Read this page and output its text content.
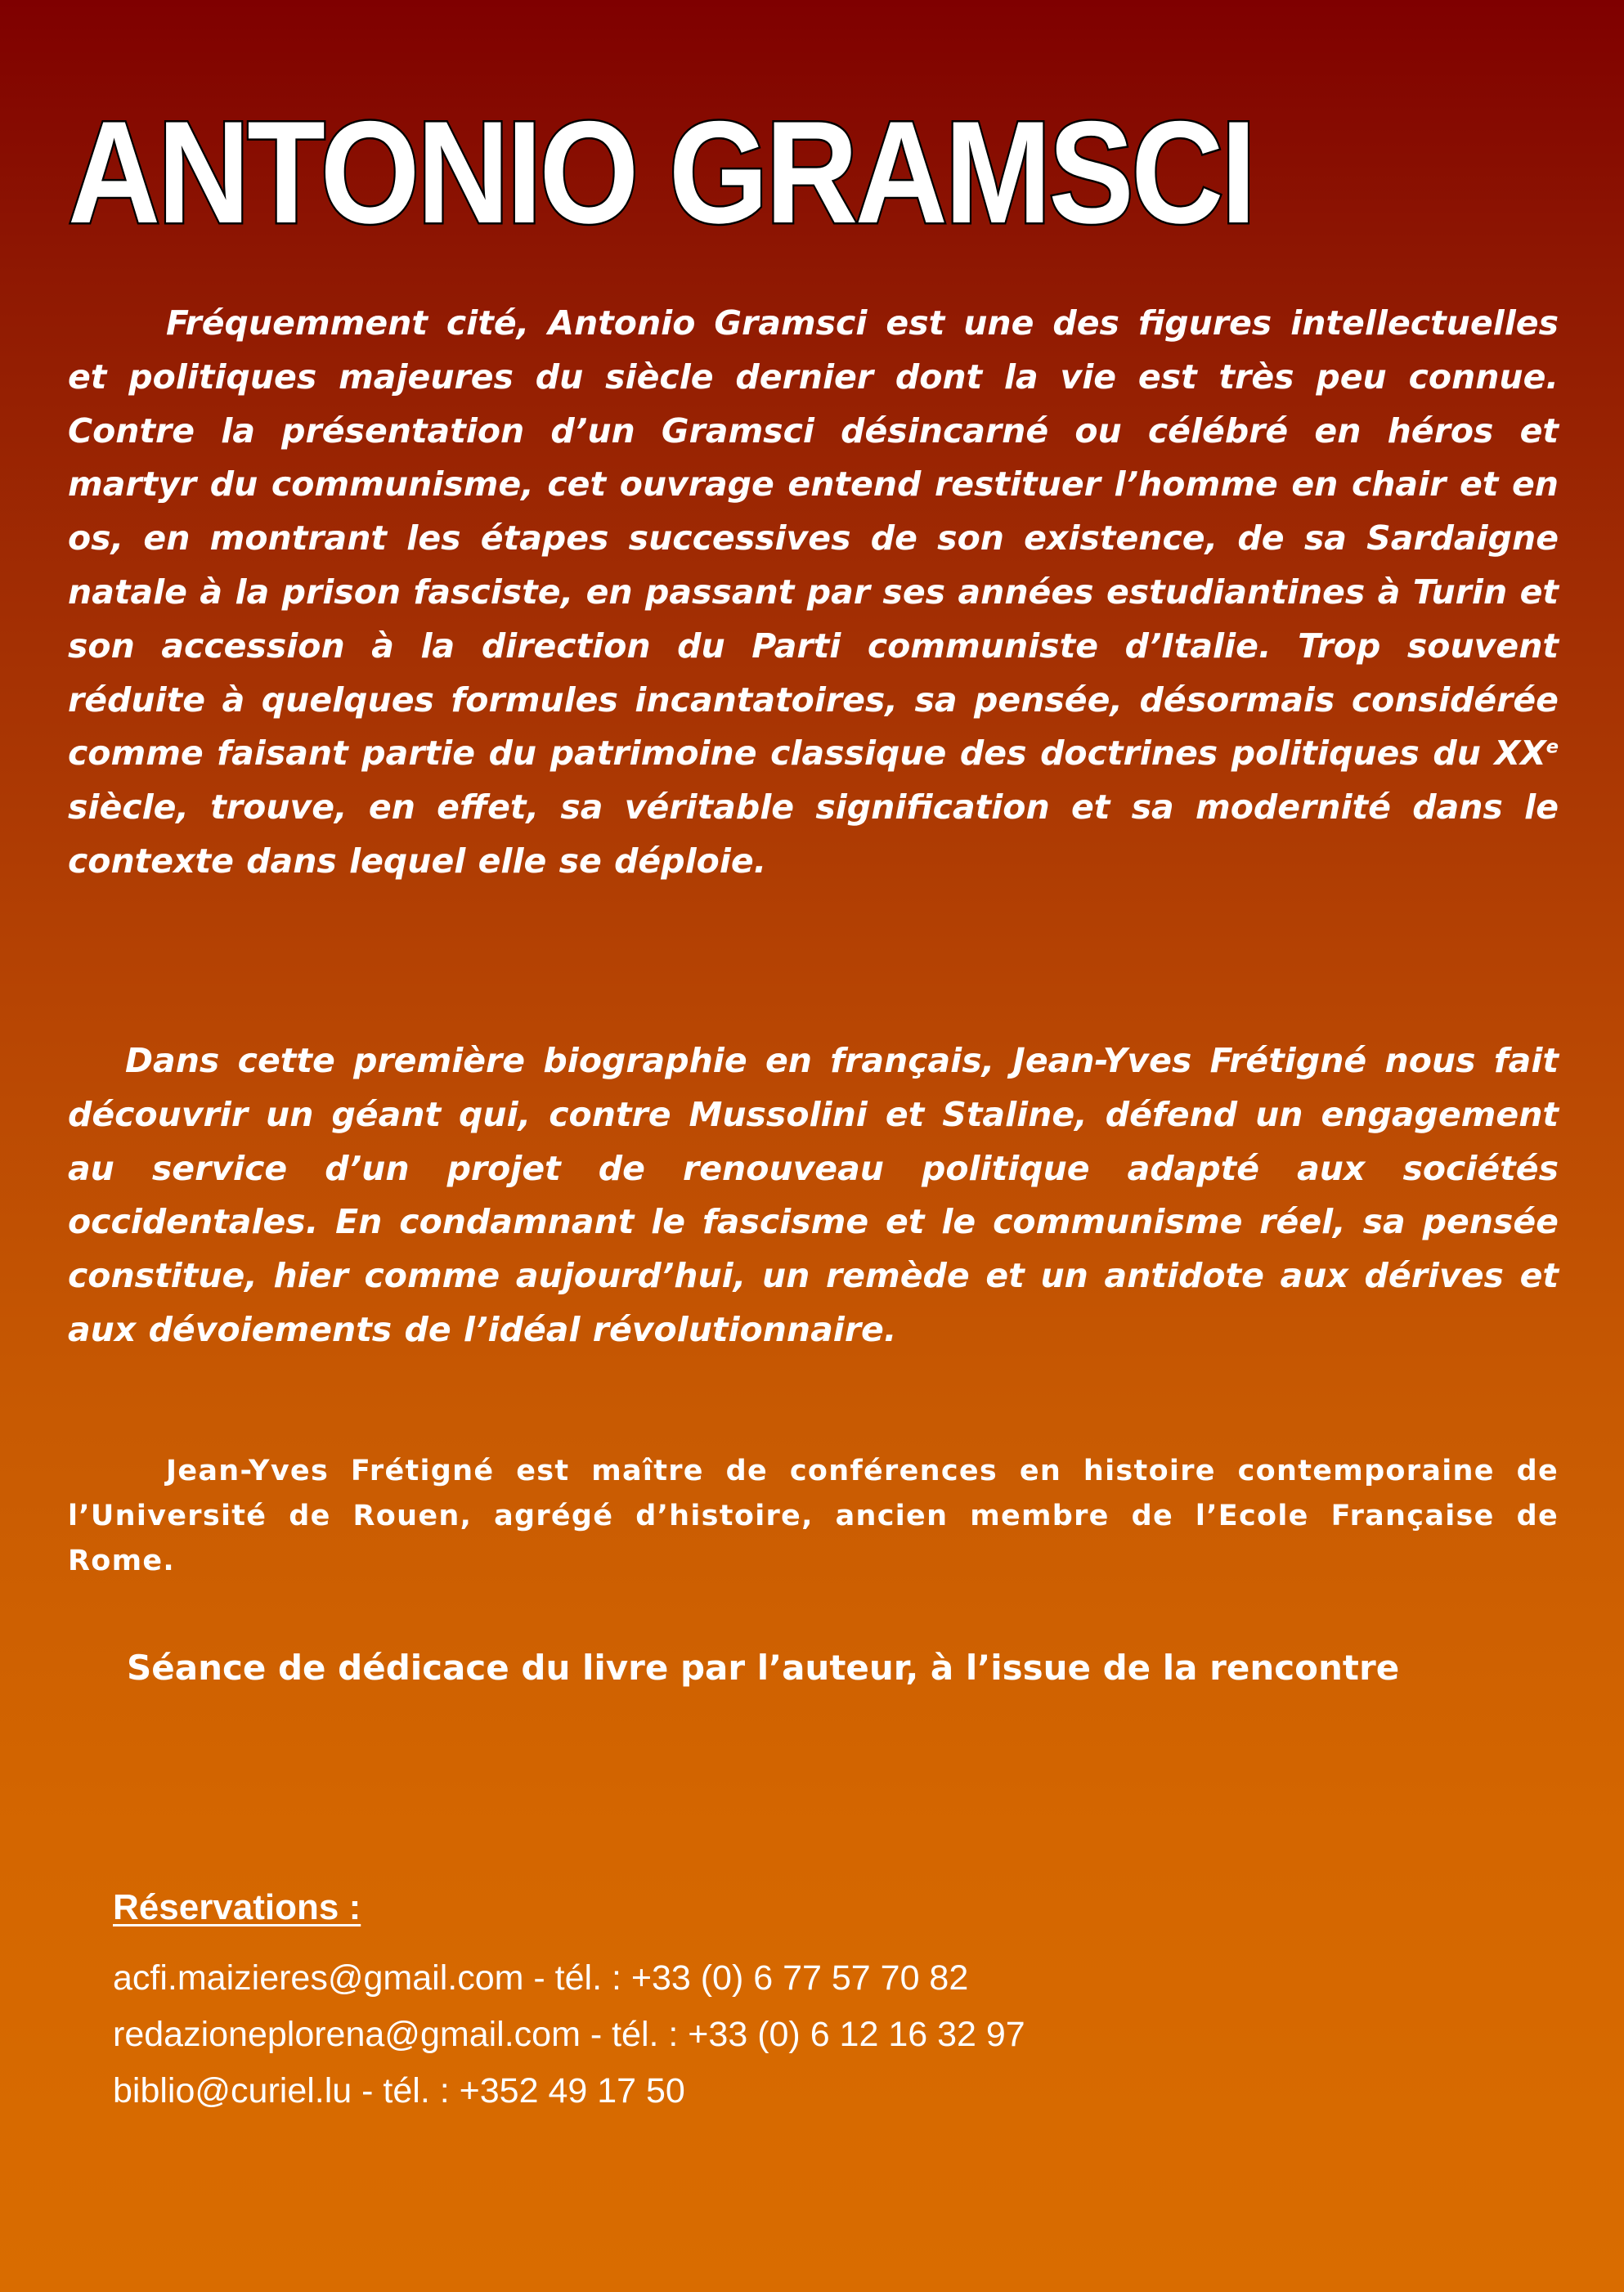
ANTONIO GRAMSCI

Fréquemment cité, Antonio Gramsci est une des figures intellectuelles et politiques majeures du siècle dernier dont la vie est très peu connue. Contre la présentation d’un Gramsci désincarné ou célébré en héros et martyr du communisme, cet ouvrage entend restituer l’homme en chair et en os, en montrant les étapes successives de son existence, de sa Sardaigne natale à la prison fasciste, en passant par ses années estudiantines à Turin et son accession à la direction du Parti communiste d’Italie. Trop souvent réduite à quelques formules incantatoires, sa pensée, désormais considérée comme faisant partie du patrimoine classique des doctrines politiques du XXe siècle, trouve, en effet, sa véritable signification et sa modernité dans le contexte dans lequel elle se déploie.

Dans cette première biographie en français, Jean-Yves Frétigné nous fait découvrir un géant qui, contre Mussolini et Staline, défend un engagement au service d’un projet de renouveau politique adapté aux sociétés occidentales. En condamnant le fascisme et le communisme réel, sa pensée constitue, hier comme aujourd’hui, un remède et un antidote aux dérives et aux dévoiements de l’idéal révolutionnaire.

Jean-Yves Frétigné est maître de conférences en histoire contemporaine de l’Université de Rouen, agrégé d’histoire, ancien membre de l’Ecole Française de Rome.

Séance de dédicace du livre par l’auteur, à l’issue de la rencontre

Réservations :
acfi.maizieres@gmail.com - tél. : +33 (0) 6 77 57 70 82
redazioneplorena@gmail.com - tél. : +33 (0) 6 12 16 32 97
biblio@curiel.lu - tél. : +352 49 17 50
